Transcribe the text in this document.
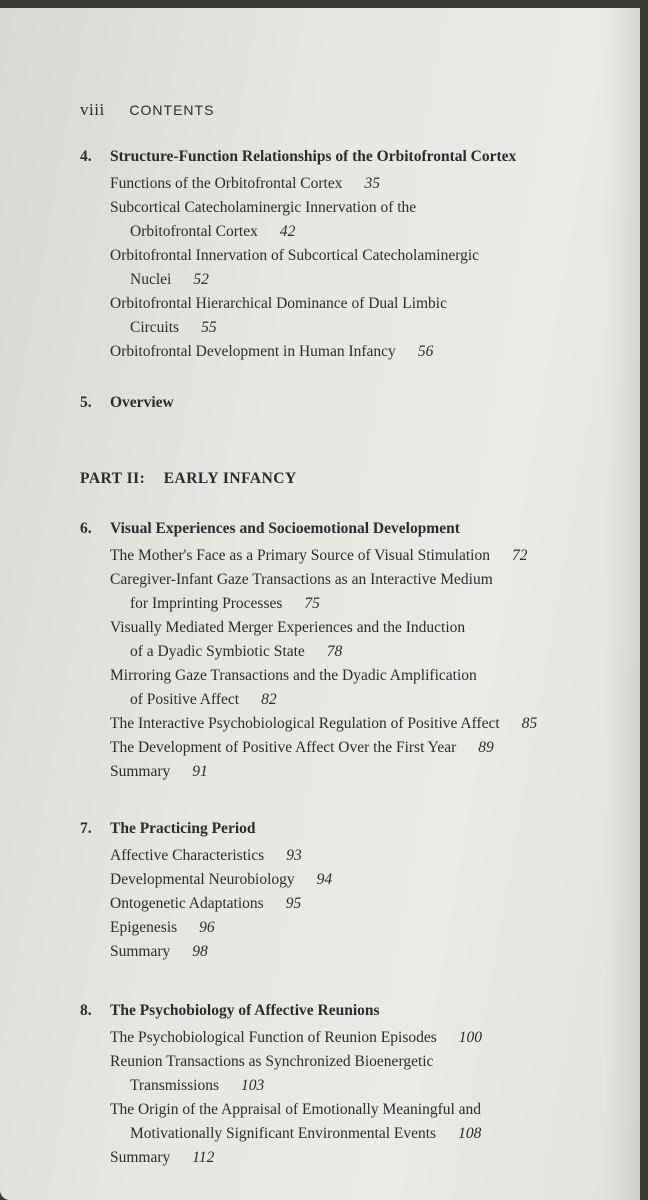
viii CONTENTS
4. Structure-Function Relationships of the Orbitofrontal Cortex
Functions of the Orbitofrontal Cortex 35
Subcortical Catecholaminergic Innervation of the
Orbitofrontal Cortex 42
Orbitofrontal Innervation of Subcortical Catecholaminergic
Nuclei 52
Orbitofrontal Hierarchical Dominance of Dual Limbic
Circuits 55
Orbitofrontal Development in Human Infancy 56
5. Overview
PART II: EARLY INFANCY
6. Visual Experiences and Socioemotional Development
The Mother's Face as a Primary Source of Visual Stimulation 72
Caregiver-Infant Gaze Transactions as an Interactive Medium
for Imprinting Processes 75
Visually Mediated Merger Experiences and the Induction
of a Dyadic Symbiotic State 78
Mirroring Gaze Transactions and the Dyadic Amplification
of Positive Affect 82
The Interactive Psychobiological Regulation of Positive Affect 85
The Development of Positive Affect Over the First Year 89
Summary 91
7. The Practicing Period
Affective Characteristics 93
Developmental Neurobiology 94
Ontogenetic Adaptations 95
Epigenesis 96
Summary 98
8. The Psychobiology of Affective Reunions
The Psychobiological Function of Reunion Episodes 100
Reunion Transactions as Synchronized Bioenergetic
Transmissions 103
The Origin of the Appraisal of Emotionally Meaningful and
Motivationally Significant Environmental Events 108
Summary 112
